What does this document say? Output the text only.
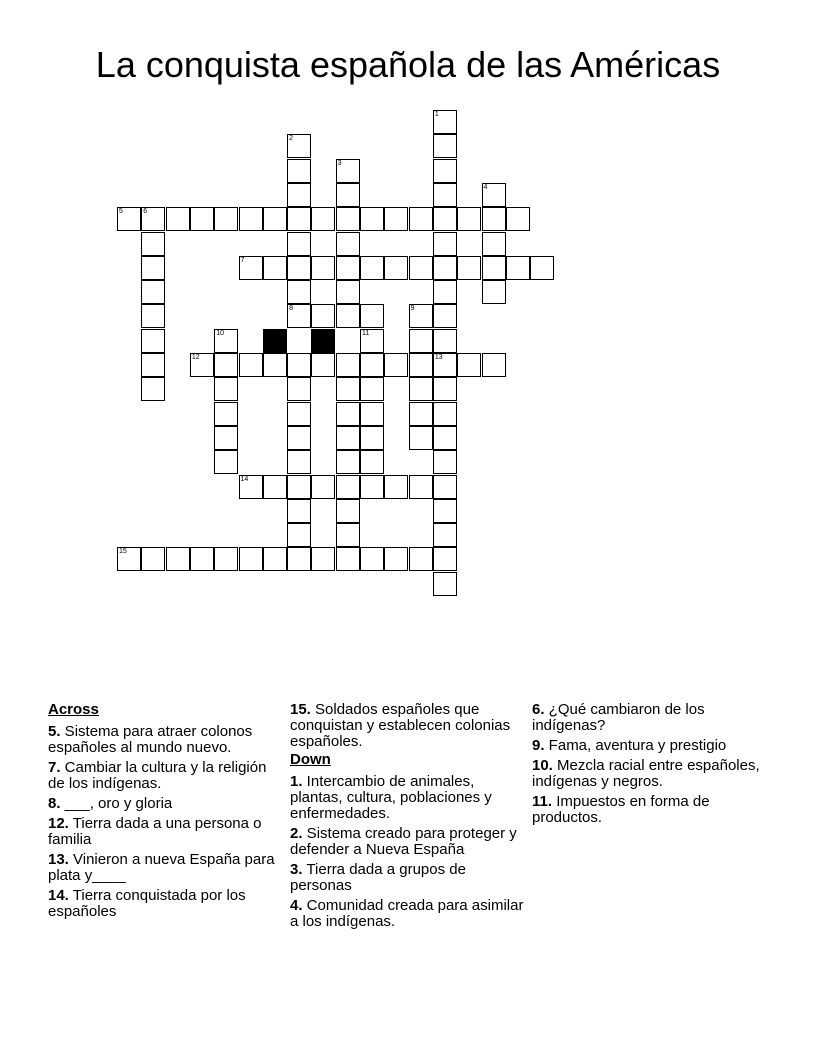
La conquista española de las Américas
5	6
13
3
2
8
4
7
9
10	11
12
14
15
1
Across
5. Sistema para atraer colonos españoles al mundo nuevo.
7. Cambiar la cultura y la religión de los indígenas.
8. ___, oro y gloria
12. Tierra dada a una persona o familia
13. Vinieron a nueva España para plata y____
14. Tierra conquistada por los españoles
15. Soldados españoles que conquistan y establecen colonias españoles.
Down
1. Intercambio de animales, plantas, cultura, poblaciones y enfermedades.
2. Sistema creado para proteger y defender a Nueva España
3. Tierra dada a grupos de personas
4. Comunidad creada para asimilar a los indígenas.
6. ¿Qué cambiaron de los indígenas?
9. Fama, aventura y prestigio
10. Mezcla racial entre españoles, indígenas y negros.
11. Impuestos en forma de productos.
